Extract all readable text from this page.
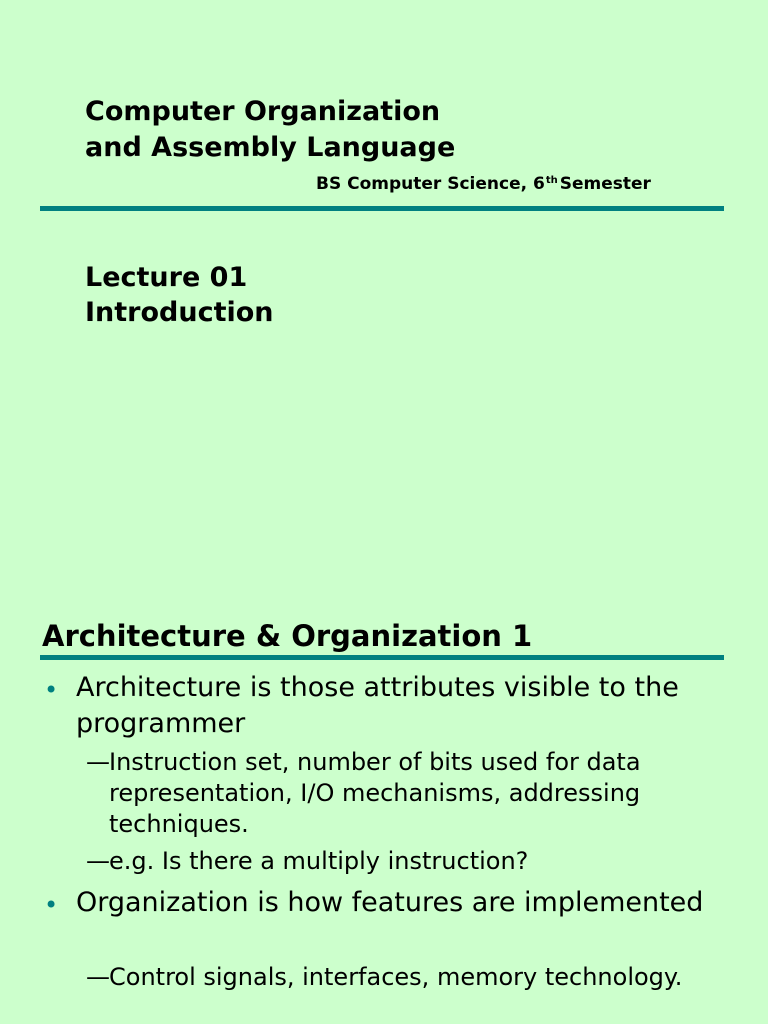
Computer Organization
and Assembly Language
BS Computer Science, 6th Semester
Lecture 01
Introduction
Architecture & Organization 1
• Architecture is those attributes visible to the programmer
— Instruction set, number of bits used for data representation, I/O mechanisms, addressing techniques.
— e.g. Is there a multiply instruction?
• Organization is how features are implemented
— Control signals, interfaces, memory technology.
